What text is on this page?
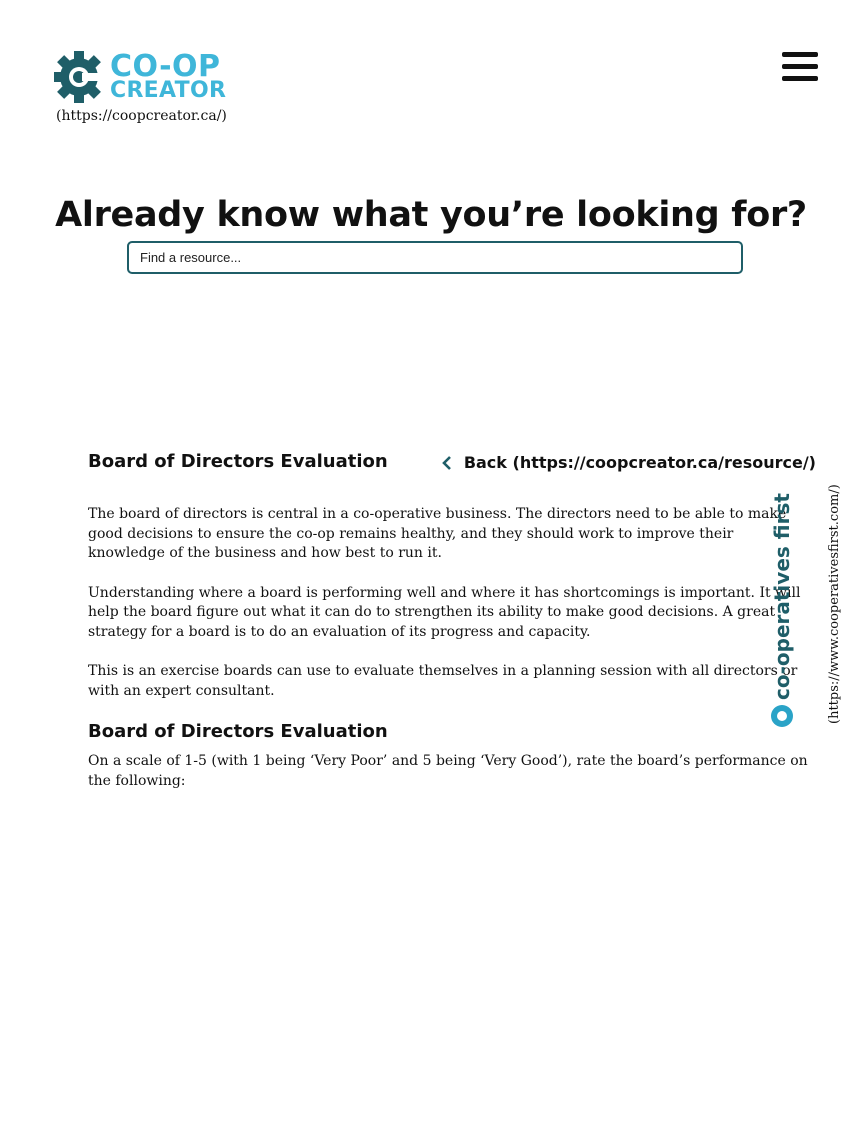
CO-OP
CREATOR
(https://coopcreator.ca/)
Already know what you’re looking for?
Find a resource...
Board of Directors Evaluation	Back (https://coopcreator.ca/resource/)

The board of directors is central in a co-operative business. The directors need to be able to make good decisions to ensure the co-op remains healthy, and they should work to improve their knowledge of the business and how best to run it.

Understanding where a board is performing well and where it has shortcomings is important. It will help the board figure out what it can do to strengthen its ability to make good decisions. A great strategy for a board is to do an evaluation of its progress and capacity.

This is an exercise boards can use to evaluate themselves in a planning session with all directors or with an expert consultant.

Board of Directors Evaluation

On a scale of 1-5 (with 1 being ‘Very Poor’ and 5 being ‘Very Good’), rate the board’s performance on the following:

co-operatives first	(https://www.cooperativesfirst.com/)
